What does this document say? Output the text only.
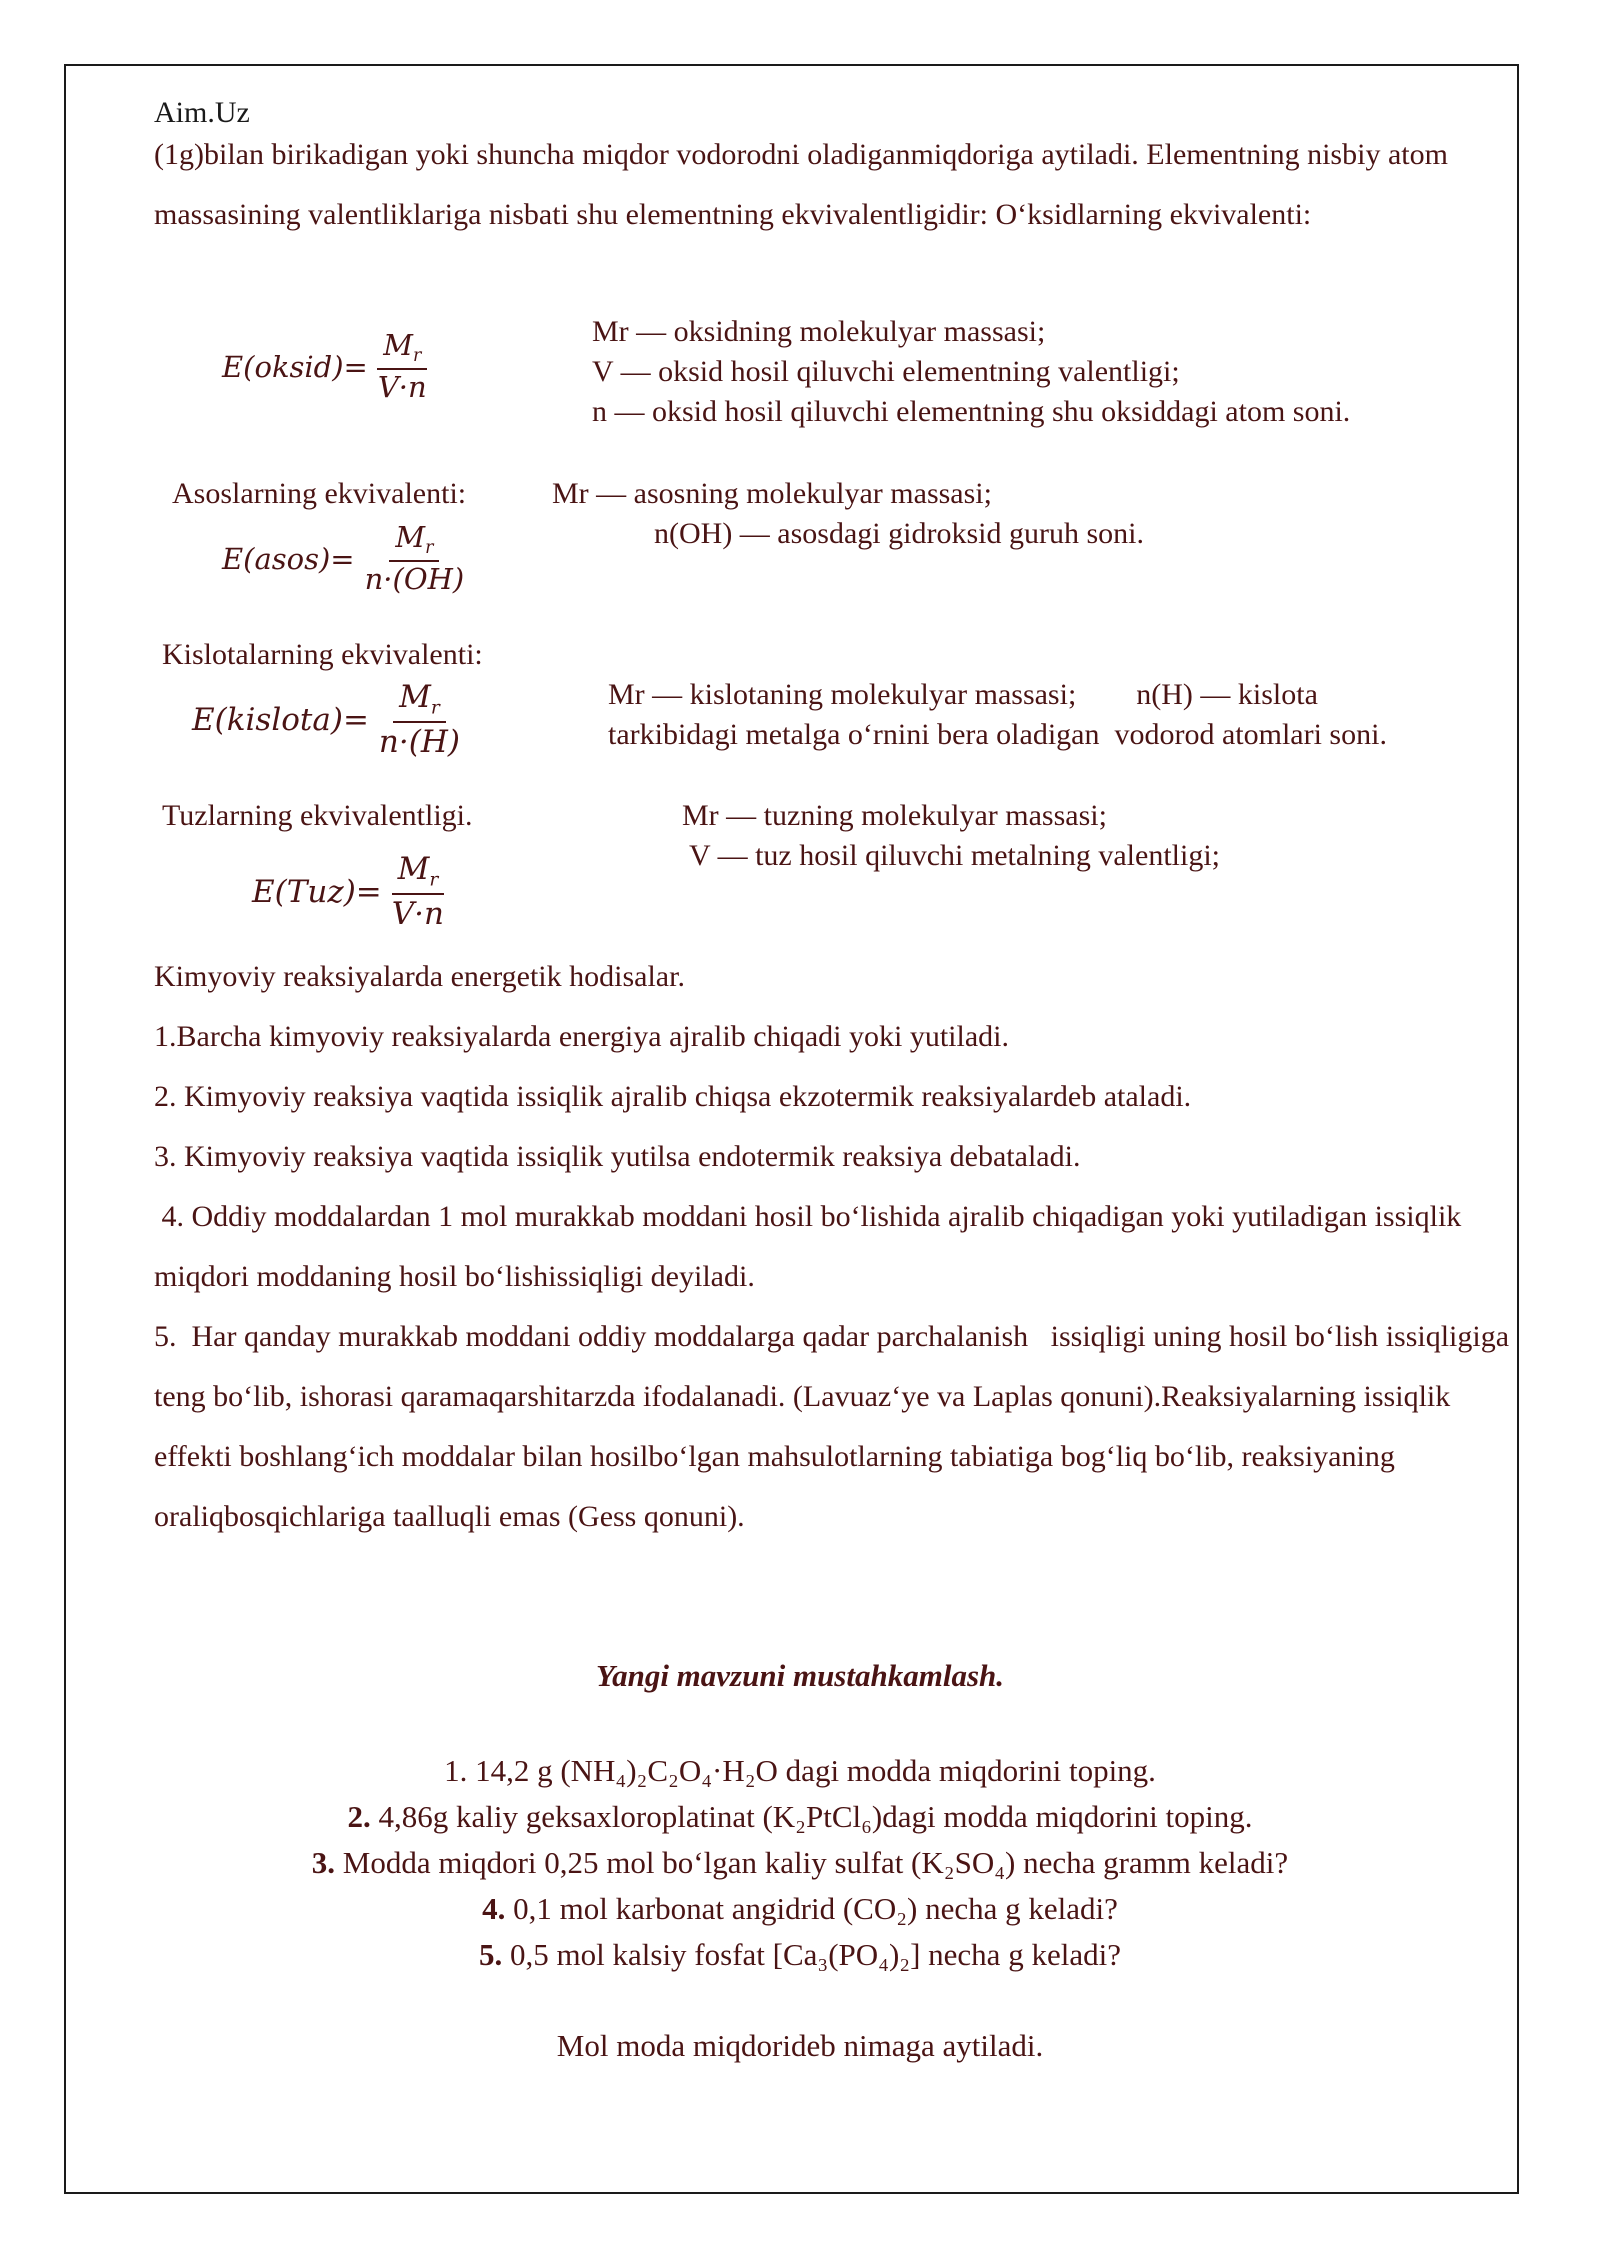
Aim.Uz

(1g)bilan birikadigan yoki shuncha miqdor vodorodni oladiganmiqdoriga aytiladi. Elementning nisbiy atom massasining valentliklariga nisbati shu elementning ekvivalentligidir: O‘ksidlarning ekvivalenti:

E(oksid)= $\frac{M_r}{V\cdot n}$	Mr — oksidning molekulyar massasi;
V — oksid hosil qiluvchi elementning valentligi;
n — oksid hosil qiluvchi elementning shu oksiddagi atom soni.
Asoslarning ekvivalenti:	Mr — asosning molekulyar massasi;
n(OH) — asosdagi gidroksid guruh soni.
E(asos)= $\frac{M_r}{n\cdot(OH)}$
Kislotalarning ekvivalenti:
E(kislota)= $\frac{M_r}{n\cdot(H)}$	Mr — kislotaning molekulyar massasi;        n(H) — kislota
tarkibidagi metalga o‘rnini bera oladigan  vodorod atomlari soni.
Tuzlarning ekvivalentligi.	Mr — tuzning molekulyar massasi;
V — tuz hosil qiluvchi metalning valentligi;
$E(Tuz)= \frac{M_r}{V\cdot n}$

Kimyoviy reaksiyalarda energetik hodisalar.

1.Barcha kimyoviy reaksiyalarda energiya ajralib chiqadi yoki yutiladi.

2. Kimyoviy reaksiya vaqtida issiqlik ajralib chiqsa ekzotermik reaksiyalardeb ataladi.

3. Kimyoviy reaksiya vaqtida issiqlik yutilsa endotermik reaksiya debataladi.

4. Oddiy moddalardan 1 mol murakkab moddani hosil bo‘lishida ajralib chiqadigan yoki yutiladigan issiqlik miqdori moddaning hosil bo‘lishissiqligi deyiladi.

5.  Har qanday murakkab moddani oddiy moddalarga qadar parchalanish   issiqligi uning hosil bo‘lish issiqligiga teng bo‘lib, ishorasi qaramaqarshitarzda ifodalanadi. (Lavuaz‘ye va Laplas qonuni).Reaksiyalarning issiqlik effekti boshlang‘ich moddalar bilan hosilbo‘lgan mahsulotlarning tabiatiga bog‘liq bo‘lib, reaksiyaning oraliqbosqichlariga taalluqli emas (Gess qonuni).

Yangi mavzuni mustahkamlash.
1. 14,2 g (NH₄)₂C₂O₄·H₂O dagi modda miqdorini toping.
2. 4,86g kaliy geksaxloroplatinat (K₂PtCl₆)dagi modda miqdorini toping.
3. Modda miqdori 0,25 mol bo‘lgan kaliy sulfat (K₂SO₄) necha gramm keladi?
4. 0,1 mol karbonat angidrid (CO₂) necha g keladi?
5. 0,5 mol kalsiy fosfat [Ca₃(PO₄)₂] necha g keladi?
Mol moda miqdorideb nimaga aytiladi.
